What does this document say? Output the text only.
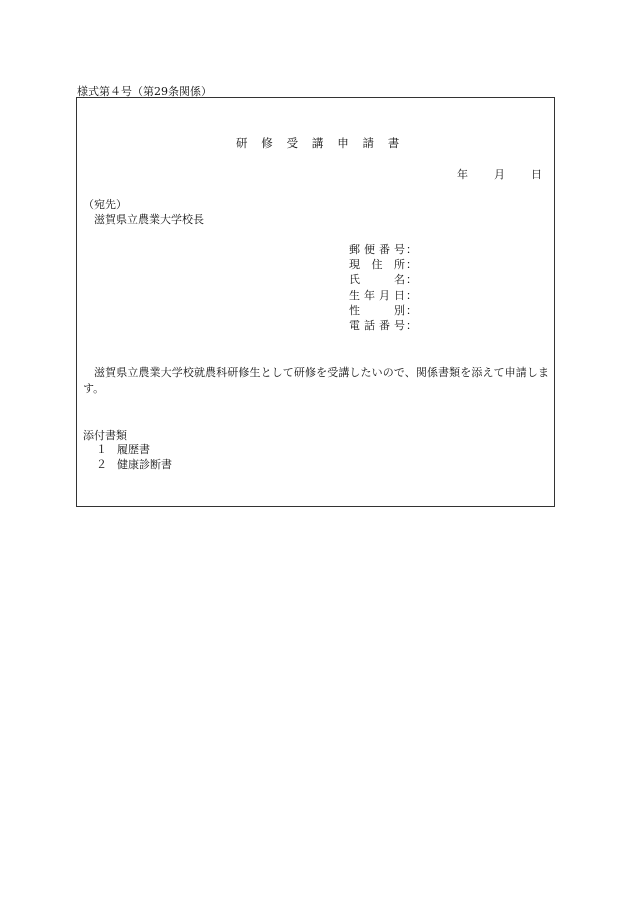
様式第４号（第29条関係）
研 修 受 講 申 請 書
年 月 日
（宛先）
滋賀県立農業大学校長
郵便番号：
現住所：
氏名：
生年月日：
性別：
電話番号：
滋賀県立農業大学校就農科研修生として研修を受講したいので、関係書類を添えて申請します。
添付書類
１ 履歴書
２ 健康診断書
